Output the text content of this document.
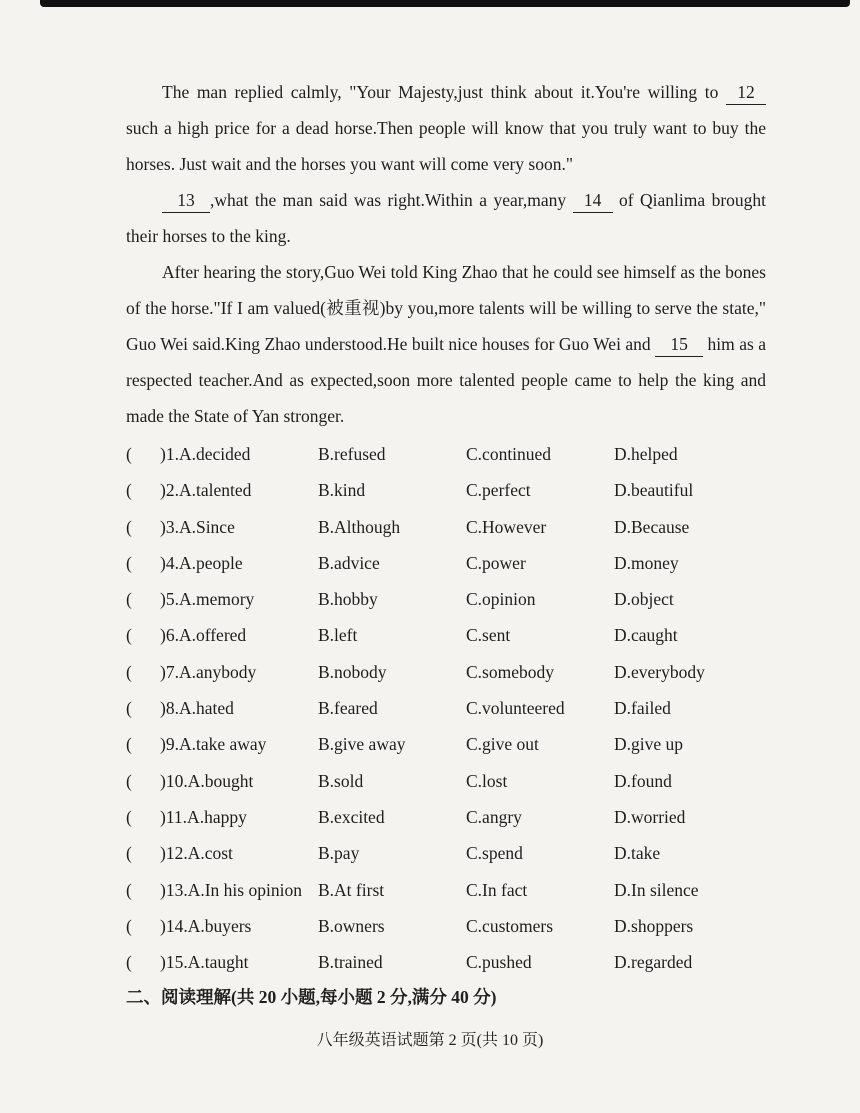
The man replied calmly, "Your Majesty,just think about it.You're willing to 12 such a high price for a dead horse.Then people will know that you truly want to buy the horses. Just wait and the horses you want will come very soon."

13 ,what the man said was right.Within a year,many 14 of Qianlima brought their horses to the king.

After hearing the story,Guo Wei told King Zhao that he could see himself as the bones of the horse."If I am valued(被重视)by you,more talents will be willing to serve the state," Guo Wei said.King Zhao understood.He built nice houses for Guo Wei and 15 him as a respected teacher.And as expected,soon more talented people came to help the king and made the State of Yan stronger.

( )1.A.decided	B.refused	C.continued	D.helped
( )2.A.talented	B.kind	C.perfect	D.beautiful
( )3.A.Since	B.Although	C.However	D.Because
( )4.A.people	B.advice	C.power	D.money
( )5.A.memory	B.hobby	C.opinion	D.object
( )6.A.offered	B.left	C.sent	D.caught
( )7.A.anybody	B.nobody	C.somebody	D.everybody
( )8.A.hated	B.feared	C.volunteered	D.failed
( )9.A.take away	B.give away	C.give out	D.give up
( )10.A.bought	B.sold	C.lost	D.found
( )11.A.happy	B.excited	C.angry	D.worried
( )12.A.cost	B.pay	C.spend	D.take
( )13.A.In his opinion B.At first	C.In fact	D.In silence
( )14.A.buyers	B.owners	C.customers	D.shoppers
( )15.A.taught	B.trained	C.pushed	D.regarded
二、阅读理解(共 20 小题,每小题 2 分,满分 40 分)
八年级英语试题第 2 页(共 10 页)
